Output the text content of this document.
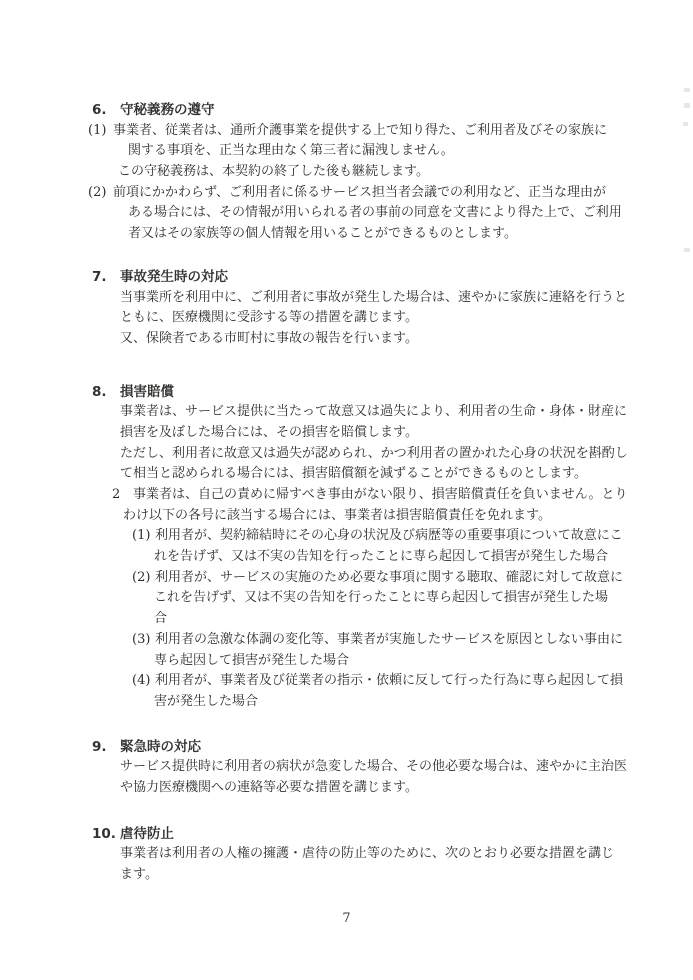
6. 守秘義務の遵守
(1) 事業者、従業者は、通所介護事業を提供する上で知り得た、ご利用者及びその家族に
関する事項を、正当な理由なく第三者に漏洩しません。
この守秘義務は、本契約の終了した後も継続します。
(2) 前項にかかわらず、ご利用者に係るサービス担当者会議での利用など、正当な理由が
ある場合には、その情報が用いられる者の事前の同意を文書により得た上で、ご利用
者又はその家族等の個人情報を用いることができるものとします。
7. 事故発生時の対応
当事業所を利用中に、ご利用者に事故が発生した場合は、速やかに家族に連絡を行うと
ともに、医療機関に受診する等の措置を講じます。
又、保険者である市町村に事故の報告を行います。
8. 損害賠償
事業者は、サービス提供に当たって故意又は過失により、利用者の生命・身体・財産に
損害を及ぼした場合には、その損害を賠償します。
ただし、利用者に故意又は過失が認められ、かつ利用者の置かれた心身の状況を斟酌し
て相当と認められる場合には、損害賠償額を減ずることができるものとします。
2 事業者は、自己の責めに帰すべき事由がない限り、損害賠償責任を負いません。とり
わけ以下の各号に該当する場合には、事業者は損害賠償責任を免れます。
(1) 利用者が、契約締結時にその心身の状況及び病歴等の重要事項について故意にこ
れを告げず、又は不実の告知を行ったことに専ら起因して損害が発生した場合
(2) 利用者が、サービスの実施のため必要な事項に関する聴取、確認に対して故意に
これを告げず、又は不実の告知を行ったことに専ら起因して損害が発生した場
合
(3) 利用者の急激な体調の変化等、事業者が実施したサービスを原因としない事由に
専ら起因して損害が発生した場合
(4) 利用者が、事業者及び従業者の指示・依頼に反して行った行為に専ら起因して損
害が発生した場合
9. 緊急時の対応
サービス提供時に利用者の病状が急変した場合、その他必要な場合は、速やかに主治医
や協力医療機関への連絡等必要な措置を講じます。
10. 虐待防止
事業者は利用者の人権の擁護・虐待の防止等のために、次のとおり必要な措置を講じ
ます。
7
